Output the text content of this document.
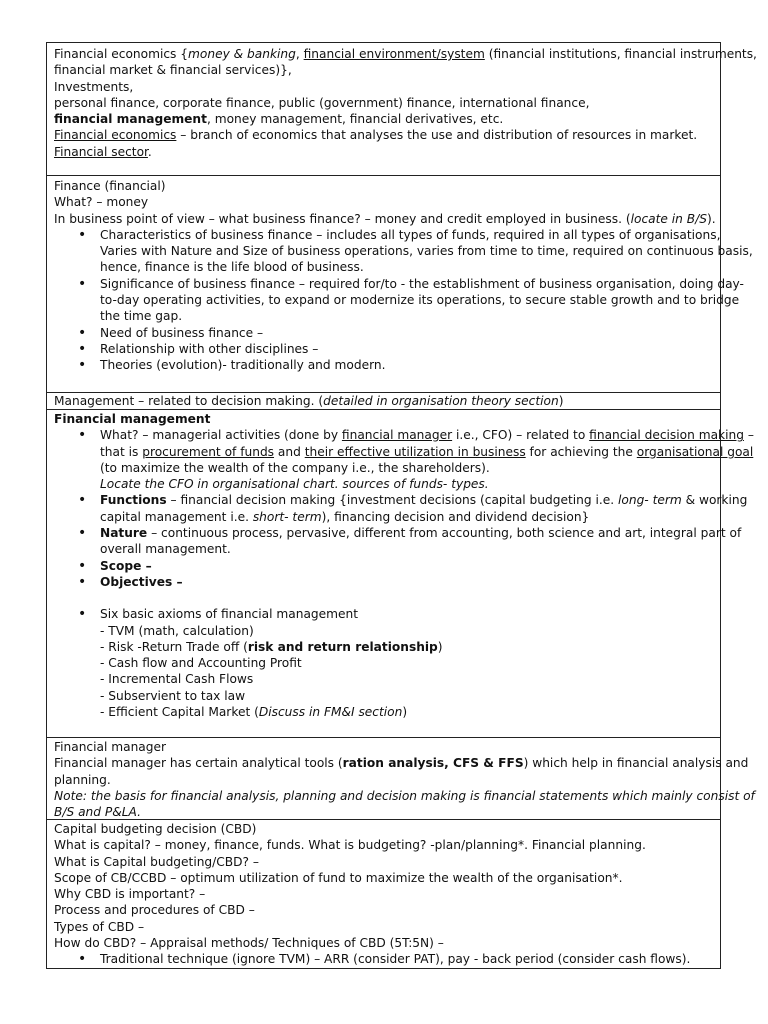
Financial economics {money & banking, financial environment/system (financial institutions, financial instruments,
financial market & financial services)},
Investments,
personal finance, corporate finance, public (government) finance, international finance,
financial management, money management, financial derivatives, etc.
Financial economics – branch of economics that analyses the use and distribution of resources in market.
Financial sector.
Finance (financial)
What? – money
In business point of view – what business finance? – money and credit employed in business. (locate in B/S).
• Characteristics of business finance – includes all types of funds, required in all types of organisations,
Varies with Nature and Size of business operations, varies from time to time, required on continuous basis,
hence, finance is the life blood of business.
• Significance of business finance – required for/to - the establishment of business organisation, doing day-
to-day operating activities, to expand or modernize its operations, to secure stable growth and to bridge
the time gap.
• Need of business finance –
• Relationship with other disciplines –
• Theories (evolution)- traditionally and modern.
Management – related to decision making. (detailed in organisation theory section)
Financial management
• What? – managerial activities (done by financial manager i.e., CFO) – related to financial decision making –
that is procurement of funds and their effective utilization in business for achieving the organisational goal
(to maximize the wealth of the company i.e., the shareholders).
Locate the CFO in organisational chart. sources of funds- types.
• Functions – financial decision making {investment decisions (capital budgeting i.e. long- term & working
capital management i.e. short- term), financing decision and dividend decision}
• Nature – continuous process, pervasive, different from accounting, both science and art, integral part of
overall management.
• Scope –
• Objectives –
• Six basic axioms of financial management
- TVM (math, calculation)
- Risk -Return Trade off (risk and return relationship)
- Cash flow and Accounting Profit
- Incremental Cash Flows
- Subservient to tax law
- Efficient Capital Market (Discuss in FM&I section)
Financial manager
Financial manager has certain analytical tools (ration analysis, CFS & FFS) which help in financial analysis and
planning.
Note: the basis for financial analysis, planning and decision making is financial statements which mainly consist of
B/S and P&LA.
Capital budgeting decision (CBD)
What is capital? – money, finance, funds. What is budgeting? -plan/planning*. Financial planning.
What is Capital budgeting/CBD? –
Scope of CB/CCBD – optimum utilization of fund to maximize the wealth of the organisation*.
Why CBD is important? –
Process and procedures of CBD –
Types of CBD –
How do CBD? – Appraisal methods/ Techniques of CBD (5T:5N) –
• Traditional technique (ignore TVM) – ARR (consider PAT), pay - back period (consider cash flows).
